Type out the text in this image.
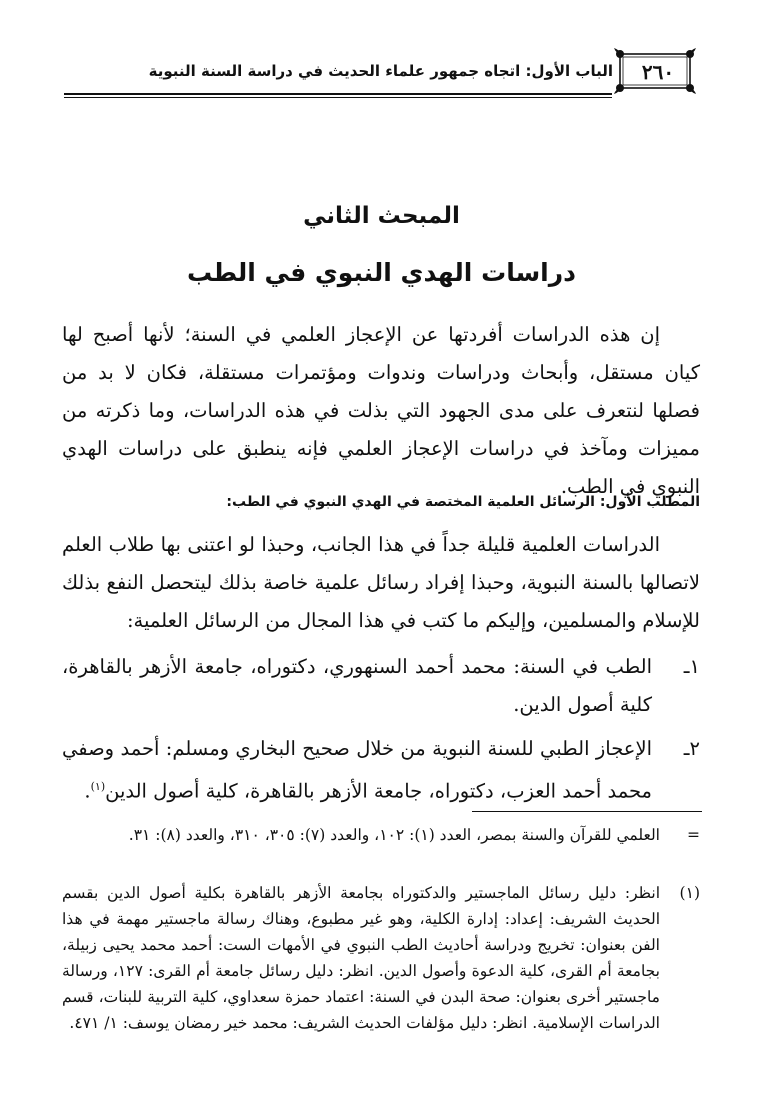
الباب الأول: اتجاه جمهور علماء الحديث في دراسة السنة النبوية	٢٦٠
المبحث الثاني
دراسات الهدي النبوي في الطب
إن هذه الدراسات أفردتها عن الإعجاز العلمي في السنة؛ لأنها أصبح لها كيان مستقل، وأبحاث ودراسات وندوات ومؤتمرات مستقلة، فكان لا بد من فصلها لنتعرف على مدى الجهود التي بذلت في هذه الدراسات، وما ذكرته من مميزات ومآخذ في دراسات الإعجاز العلمي فإنه ينطبق على دراسات الهدي النبوي في الطب.
المطلب الأول: الرسائل العلمية المختصة في الهدي النبوي في الطب:
الدراسات العلمية قليلة جداً في هذا الجانب، وحبذا لو اعتنى بها طلاب العلم لاتصالها بالسنة النبوية، وحبذا إفراد رسائل علمية خاصة بذلك ليتحصل النفع بذلك للإسلام والمسلمين، وإليكم ما كتب في هذا المجال من الرسائل العلمية:
١ـ
الطب في السنة: محمد أحمد السنهوري، دكتوراه، جامعة الأزهر بالقاهرة، كلية أصول الدين.
٢ـ
الإعجاز الطبي للسنة النبوية من خلال صحيح البخاري ومسلم: أحمد وصفي محمد أحمد العزب، دكتوراه، جامعة الأزهر بالقاهرة، كلية أصول الدين$^{(١)}$.
=
العلمي للقرآن والسنة بمصر، العدد (١): ١٠٢، والعدد (٧): ٣٠٥، ٣١٠، والعدد (٨): ٣١.
(١)
انظر: دليل رسائل الماجستير والدكتوراه بجامعة الأزهر بالقاهرة بكلية أصول الدين بقسم الحديث الشريف: إعداد: إدارة الكلية، وهو غير مطبوع، وهناك رسالة ماجستير مهمة في هذا الفن بعنوان: تخريج ودراسة أحاديث الطب النبوي في الأمهات الست: أحمد محمد يحيى زبيلة، بجامعة أم القرى، كلية الدعوة وأصول الدين. انظر: دليل رسائل جامعة أم القرى: ١٢٧، ورسالة ماجستير أخرى بعنوان: صحة البدن في السنة: اعتماد حمزة سعداوي، كلية التربية للبنات، قسم الدراسات الإسلامية. انظر: دليل مؤلفات الحديث الشريف: محمد خير رمضان يوسف: ١/ ٤٧١.
